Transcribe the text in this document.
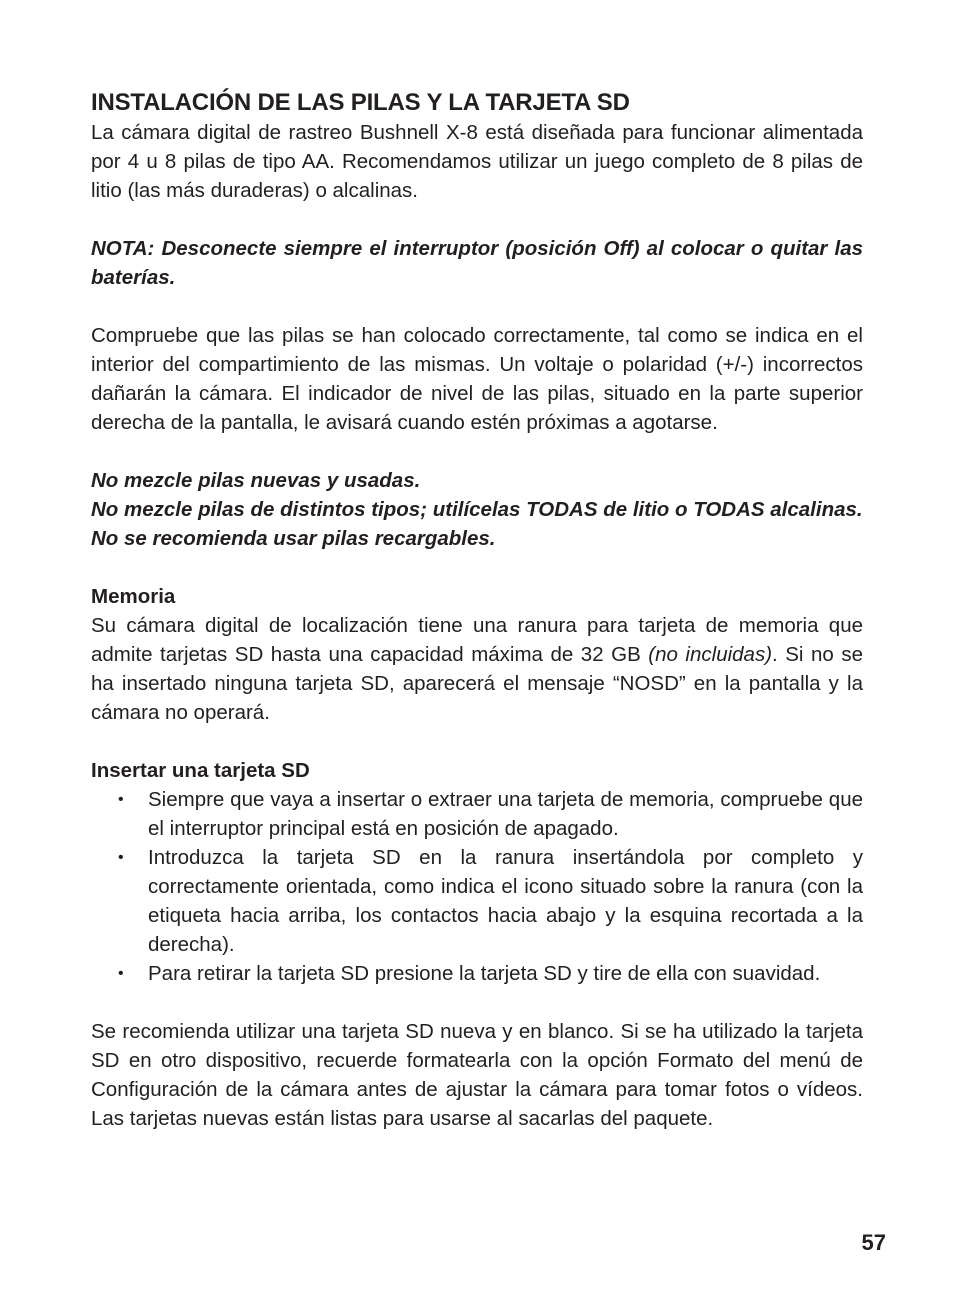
INSTALACIÓN DE LAS PILAS Y LA TARJETA SD

La cámara digital de rastreo Bushnell X-8 está diseñada para funcionar alimentada por 4 u 8 pilas de tipo AA. Recomendamos utilizar un juego completo de 8 pilas de litio (las más duraderas) o alcalinas.

NOTA: Desconecte siempre el interruptor (posición Off) al colocar o quitar las baterías.

Compruebe que las pilas se han colocado correctamente, tal como se indica en el interior del compartimiento de las mismas. Un voltaje o polaridad (+/-) incorrectos dañarán la cámara. El indicador de nivel de las pilas, situado en la parte superior derecha de la pantalla, le avisará cuando estén próximas a agotarse.

No mezcle pilas nuevas y usadas.

No mezcle pilas de distintos tipos; utilícelas TODAS de litio o TODAS alcalinas.

No se recomienda usar pilas recargables.

Memoria

Su cámara digital de localización tiene una ranura para tarjeta de memoria que admite tarjetas SD hasta una capacidad máxima de 32 GB (no incluidas). Si no se ha insertado ninguna tarjeta SD, aparecerá el mensaje “NOSD” en la pantalla y la cámara no operará.

Insertar una tarjeta SD

• Siempre que vaya a insertar o extraer una tarjeta de memoria, compruebe que el interruptor principal está en posición de apagado.
• Introduzca la tarjeta SD en la ranura insertándola por completo y correctamente orientada, como indica el icono situado sobre la ranura (con la etiqueta hacia arriba, los contactos hacia abajo y la esquina recortada a la derecha).
• Para retirar la tarjeta SD presione la tarjeta SD y tire de ella con suavidad.

Se recomienda utilizar una tarjeta SD nueva y en blanco. Si se ha utilizado la tarjeta SD en otro dispositivo, recuerde formatearla con la opción Formato del menú de Configuración de la cámara antes de ajustar la cámara para tomar fotos o vídeos. Las tarjetas nuevas están listas para usarse al sacarlas del paquete.

57
